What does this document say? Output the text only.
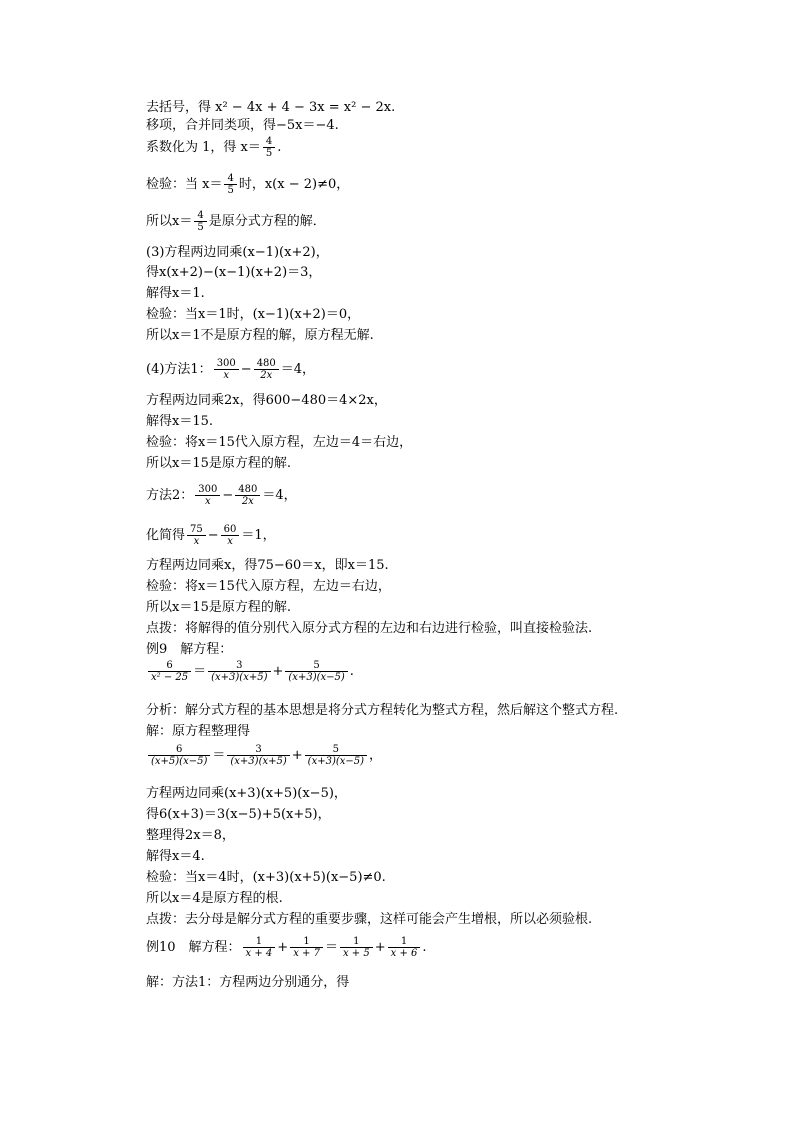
去括号，得 x² − 4x + 4 − 3x = x² − 2x.
移项，合并同类项，得−5x＝−4.
系数化为 1，得 $x= \frac{4}{5}$ .
检验：当 $x= \frac{4}{5}$ 时，x(x − 2)≠0，
所以$x= \frac{4}{5}$ 是原分式方程的解．
(3)方程两边同乘(x−1)(x+2)，
得x(x+2)−(x−1)(x+2)＝3，
解得x＝1.
检验：当x＝1时，(x−1)(x+2)＝0，
所以x＝1不是原方程的解，原方程无解.
(4)方法1： $\frac{300}{x} - \frac{480}{2x} =4$，
方程两边同乘2x，得600−480＝4×2x，
解得x＝15.
检验：将x＝15代入原方程，左边＝4＝右边，
所以x＝15是原方程的解.
方法2： $\frac{300}{x} - \frac{480}{2x} =4$，
化简得 $\frac{75}{x} - \frac{60}{x} =1$，
方程两边同乘x，得75−60＝x，即x＝15.
检验：将x＝15代入原方程，左边＝右边，
所以x＝15是原方程的解.
点拨：将解得的值分别代入原分式方程的左边和右边进行检验，叫直接检验法.
例9　解方程：
$\frac{6}{\text{x² − 25}} = \frac{3}{(x+3)(x+5)} + \frac{5}{(x+3)(x-5)}$ .
分析：解分式方程的基本思想是将分式方程转化为整式方程，然后解这个整式方程.
解：原方程整理得
$\frac{6}{(x+5)(x-5)} = \frac{3}{(x+3)(x+5)} + \frac{5}{(x+3)(x-5)}$ ，
方程两边同乘(x+3)(x+5)(x−5)，
得6(x+3)＝3(x−5)+5(x+5)，
整理得2x＝8，
解得x＝4.
检验：当x＝4时，(x+3)(x+5)(x−5)≠0.
所以x＝4是原方程的根.
点拨：去分母是解分式方程的重要步骤，这样可能会产生增根，所以必须验根.
例10　解方程： $\frac{1}{x + 4} + \frac{1}{x + 7} = \frac{1}{x + 5} + \frac{1}{x + 6}$ .
解：方法1：方程两边分别通分，得
